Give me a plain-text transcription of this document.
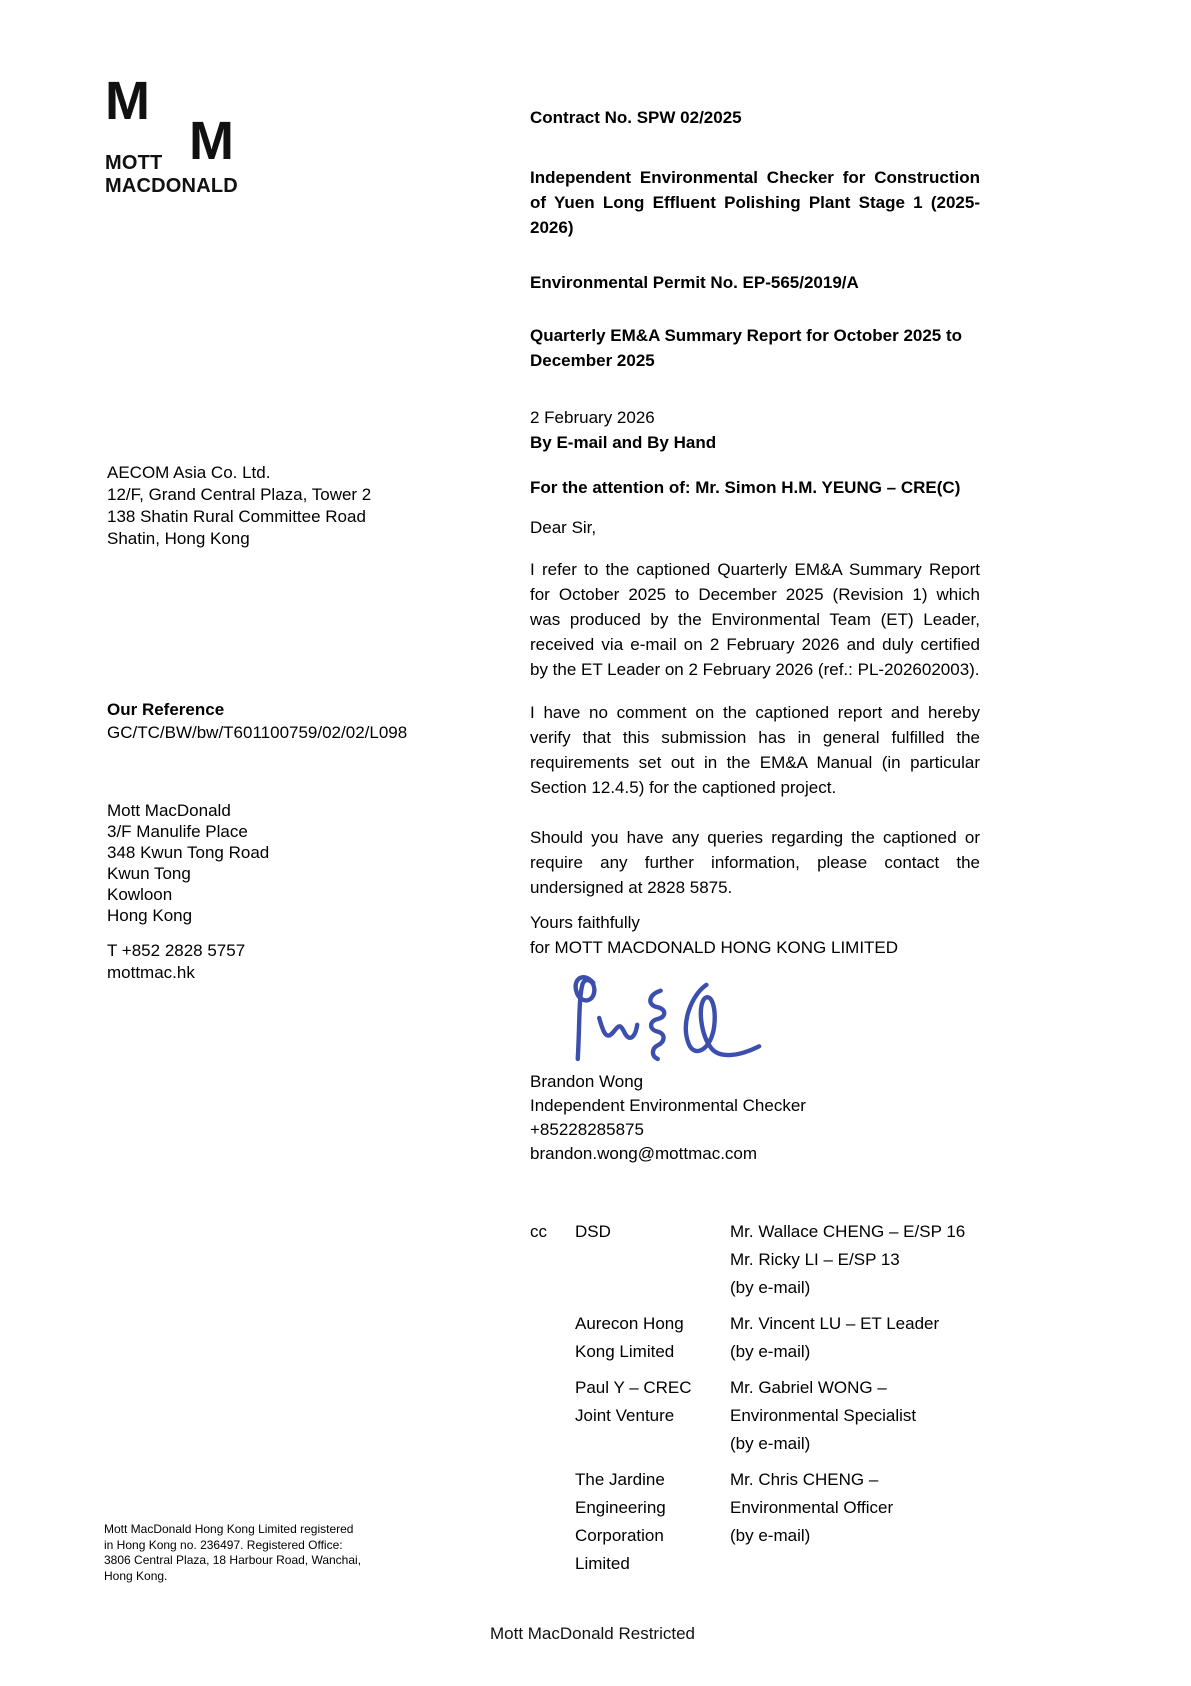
M
M
MOTT
MACDONALD
AECOM Asia Co. Ltd.
12/F, Grand Central Plaza, Tower 2
138 Shatin Rural Committee Road
Shatin, Hong Kong
Our Reference
GC/TC/BW/bw/T601100759/02/02/L098
Mott MacDonald
3/F Manulife Place
348 Kwun Tong Road
Kwun Tong
Kowloon
Hong Kong
T +852 2828 5757
mottmac.hk
Mott MacDonald Hong Kong Limited registered in Hong Kong no. 236497. Registered Office: 3806 Central Plaza, 18 Harbour Road, Wanchai, Hong Kong.
Contract No. SPW 02/2025
Independent Environmental Checker for Construction of Yuen Long Effluent Polishing Plant Stage 1 (2025-2026)
Environmental Permit No. EP-565/2019/A
Quarterly EM&A Summary Report for October 2025 to December 2025
2 February 2026
By E-mail and By Hand
For the attention of: Mr. Simon H.M. YEUNG – CRE(C)
Dear Sir,
I refer to the captioned Quarterly EM&A Summary Report for October 2025 to December 2025 (Revision 1) which was produced by the Environmental Team (ET) Leader, received via e-mail on 2 February 2026 and duly certified by the ET Leader on 2 February 2026 (ref.: PL-202602003).
I have no comment on the captioned report and hereby verify that this submission has in general fulfilled the requirements set out in the EM&A Manual (in particular Section 12.4.5) for the captioned project.
Should you have any queries regarding the captioned or require any further information, please contact the undersigned at 2828 5875.
Yours faithfully
for MOTT MACDONALD HONG KONG LIMITED
Brandon Wong
Independent Environmental Checker
+85228285875
brandon.wong@mottmac.com
cc	DSD	Mr. Wallace CHENG – E/SP 16
Mr. Ricky LI – E/SP 13
(by e-mail)
Aurecon Hong Kong Limited
Mr. Vincent LU – ET Leader
(by e-mail)
Paul Y – CREC Joint Venture
Mr. Gabriel WONG – Environmental Specialist
(by e-mail)
The Jardine Engineering Corporation Limited
Mr. Chris CHENG – Environmental Officer
(by e-mail)
Mott MacDonald Restricted
